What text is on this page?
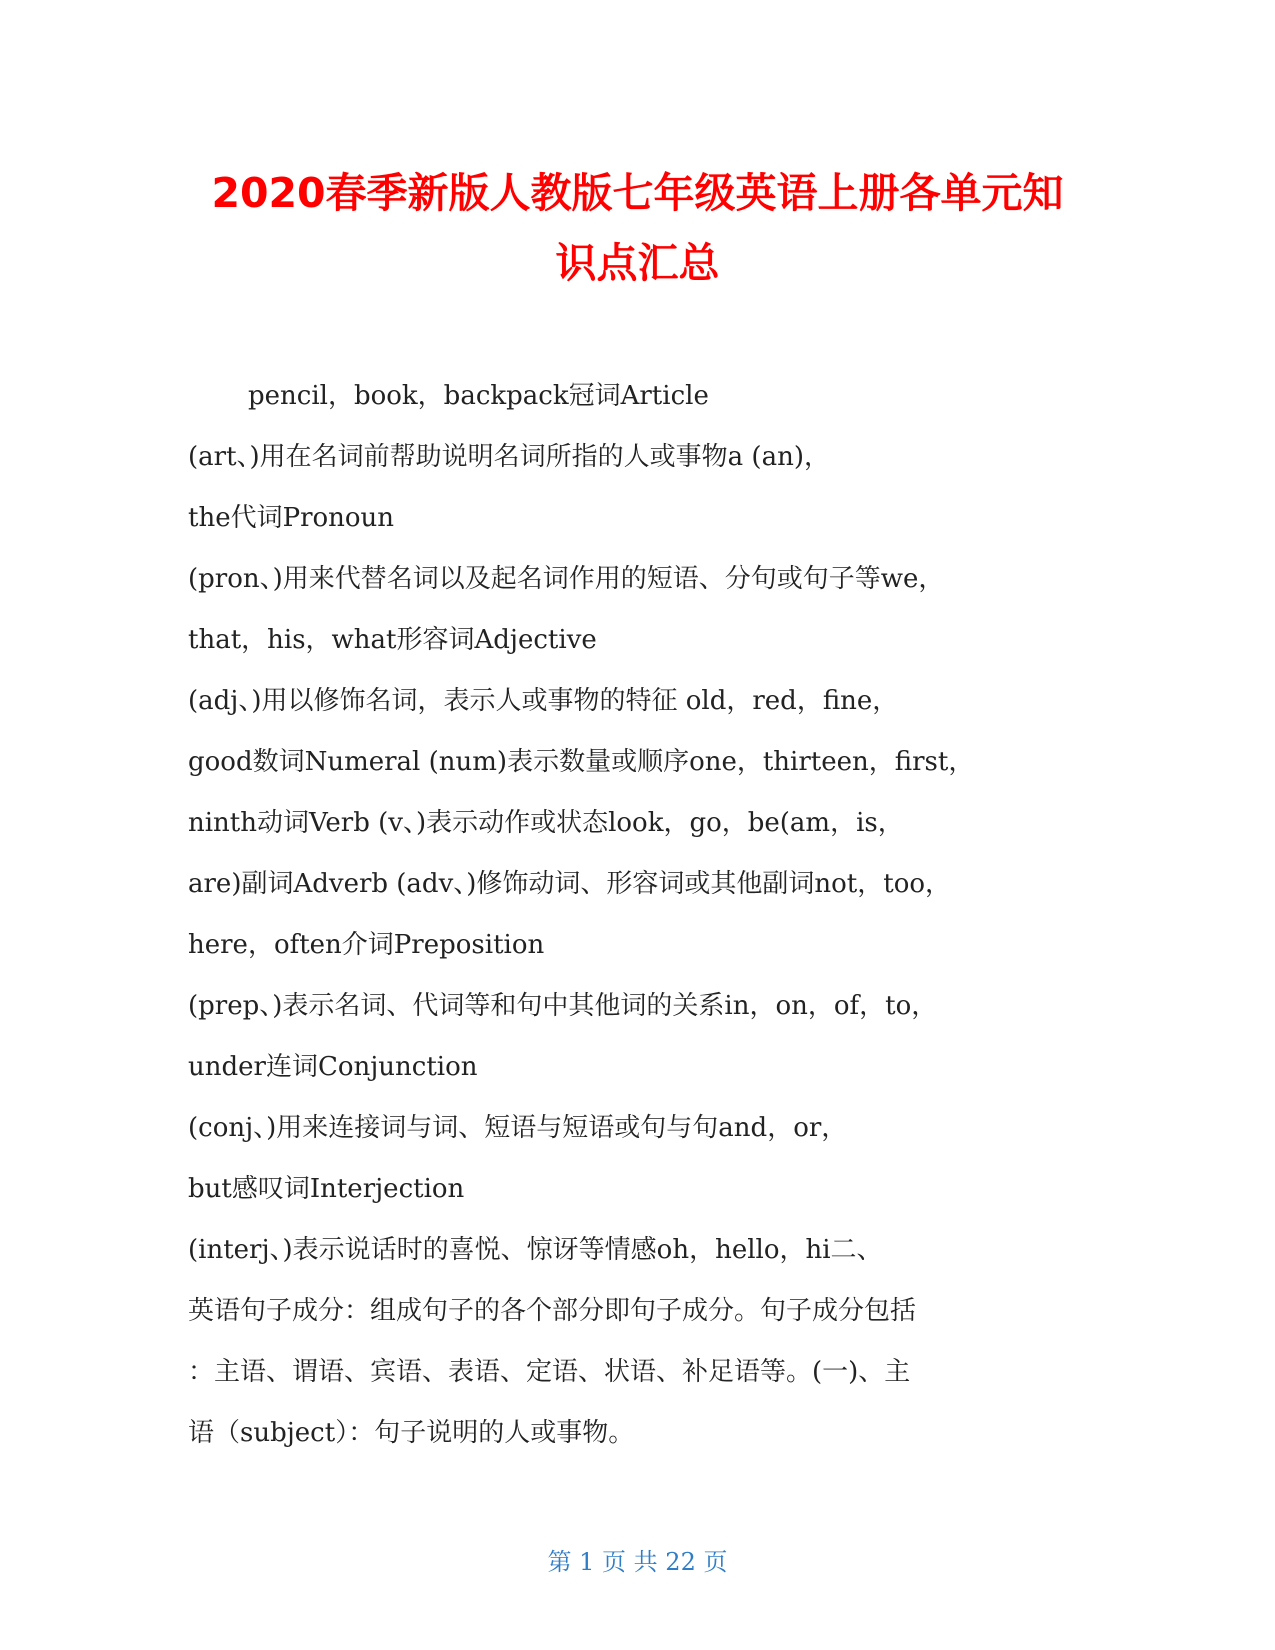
2020春季新版人教版七年级英语上册各单元知
识点汇总
pencil，book，backpack冠词Article
(art、)用在名词前帮助说明名词所指的人或事物a (an)，
the代词Pronoun
(pron、)用来代替名词以及起名词作用的短语、分句或句子等we，
that，his，what形容词Adjective
(adj、)用以修饰名词，表示人或事物的特征 old，red，fine，
good数词Numeral (num)表示数量或顺序one，thirteen，first，
ninth动词Verb (v、)表示动作或状态look，go，be(am，is，
are)副词Adverb (adv、)修饰动词、形容词或其他副词not，too，
here，often介词Preposition
(prep、)表示名词、代词等和句中其他词的关系in，on，of，to，
under连词Conjunction
(conj、)用来连接词与词、短语与短语或句与句and，or，
but感叹词Interjection
(interj、)表示说话时的喜悦、惊讶等情感oh，hello，hi二、
英语句子成分：组成句子的各个部分即句子成分。句子成分包括
：主语、谓语、宾语、表语、定语、状语、补足语等。(一)、主
语（subject）：句子说明的人或事物。
第 1 页 共 22 页
